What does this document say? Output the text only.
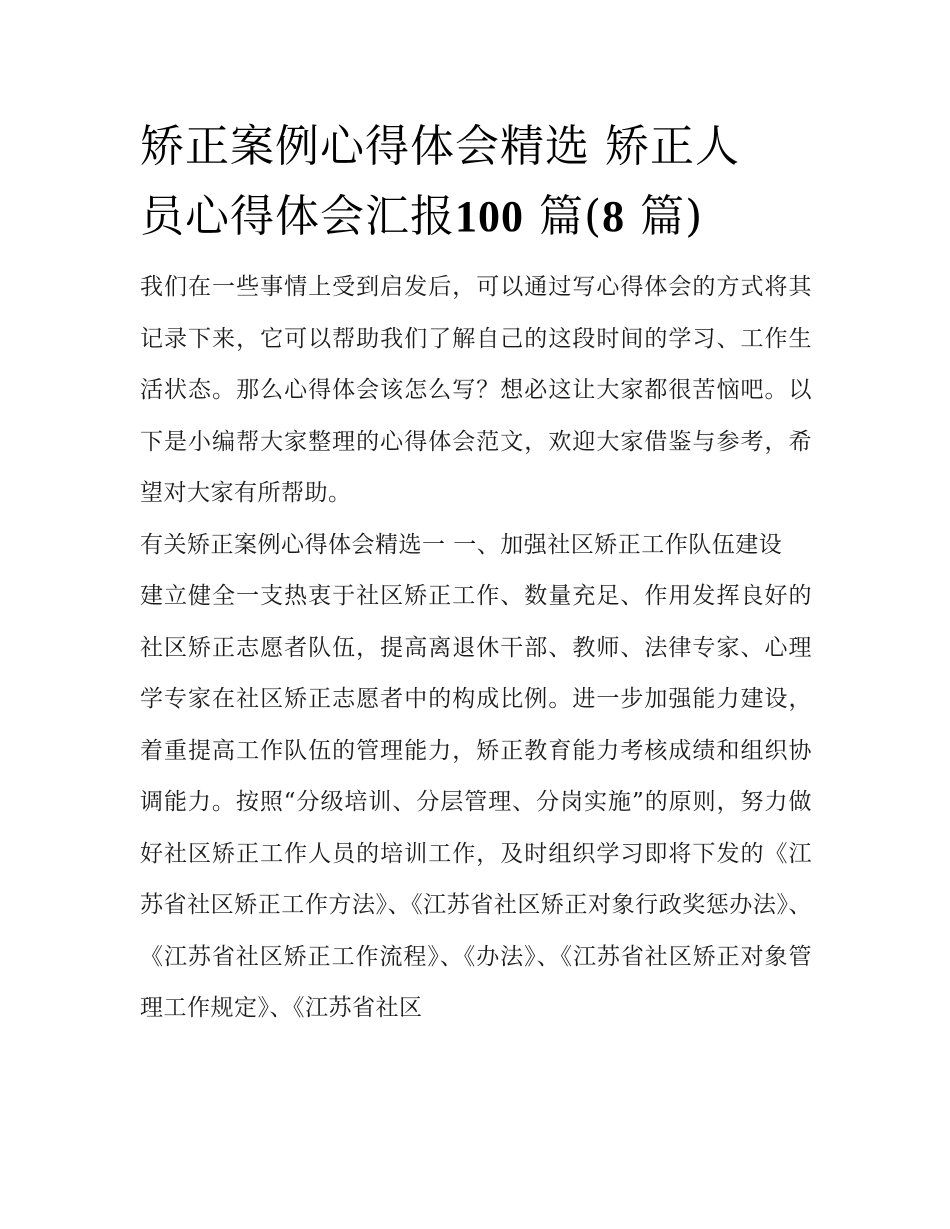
矫正案例心得体会精选 矫正人
员心得体会汇报100 篇(8 篇)

我们在一些事情上受到启发后，可以通过写心得体会的方式将其记录下来，它可以帮助我们了解自己的这段时间的学习、工作生活状态。那么心得体会该怎么写？想必这让大家都很苦恼吧。以下是小编帮大家整理的心得体会范文，欢迎大家借鉴与参考，希望对大家有所帮助。

有关矫正案例心得体会精选一 一、加强社区矫正工作队伍建设

建立健全一支热衷于社区矫正工作、数量充足、作用发挥良好的社区矫正志愿者队伍，提高离退休干部、教师、法律专家、心理学专家在社区矫正志愿者中的构成比例。进一步加强能力建设，着重提高工作队伍的管理能力，矫正教育能力考核成绩和组织协调能力。按照“分级培训、分层管理、分岗实施”的原则，努力做好社区矫正工作人员的培训工作，及时组织学习即将下发的《江苏省社区矫正工作方法》、《江苏省社区矫正对象行政奖惩办法》、《江苏省社区矫正工作流程》、《办法》、《江苏省社区矫正对象管理工作规定》、《江苏省社区
